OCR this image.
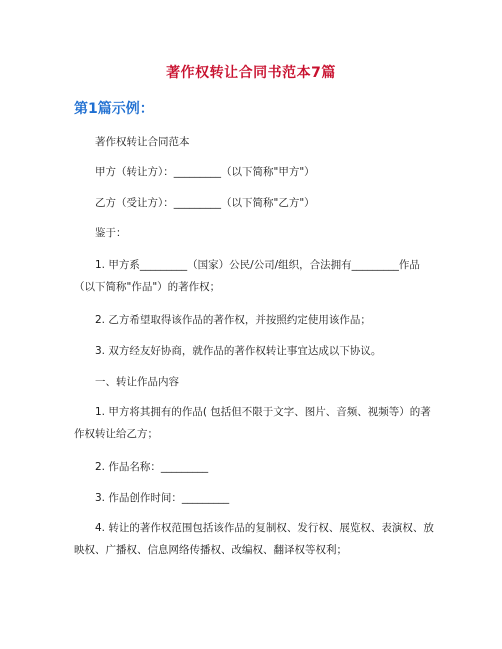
著作权转让合同书范本7篇
第1篇示例：
著作权转让合同范本
甲方（转让方）：_________（以下简称"甲方"）
乙方（受让方）：_________（以下简称"乙方"）
鉴于：
1. 甲方系_________（国家）公民/公司/组织，合法拥有_________作品（以下简称"作品"）的著作权；
2. 乙方希望取得该作品的著作权，并按照约定使用该作品；
3. 双方经友好协商，就作品的著作权转让事宜达成以下协议。
一、转让作品内容
1. 甲方将其拥有的作品( 包括但不限于文字、图片、音频、视频等）的著作权转让给乙方；
2. 作品名称：_________
3. 作品创作时间：_________
4. 转让的著作权范围包括该作品的复制权、发行权、展览权、表演权、放映权、广播权、信息网络传播权、改编权、翻译权等权利；
